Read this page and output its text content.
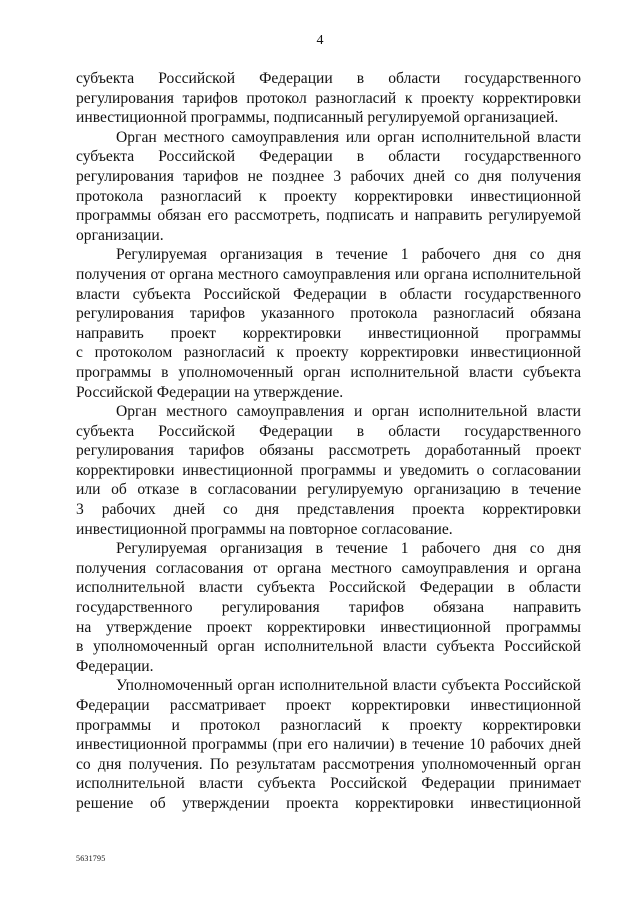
4
субъекта Российской Федерации в области государственного
регулирования тарифов протокол разногласий к проекту корректировки
инвестиционной программы, подписанный регулируемой организацией.
Орган местного самоуправления или орган исполнительной власти
субъекта Российской Федерации в области государственного
регулирования тарифов не позднее 3 рабочих дней со дня получения
протокола разногласий к проекту корректировки инвестиционной
программы обязан его рассмотреть, подписать и направить регулируемой
организации.
Регулируемая организация в течение 1 рабочего дня со дня
получения от органа местного самоуправления или органа исполнительной
власти субъекта Российской Федерации в области государственного
регулирования тарифов указанного протокола разногласий обязана
направить проект корректировки инвестиционной программы
с протоколом разногласий к проекту корректировки инвестиционной
программы в уполномоченный орган исполнительной власти субъекта
Российской Федерации на утверждение.
Орган местного самоуправления и орган исполнительной власти
субъекта Российской Федерации в области государственного
регулирования тарифов обязаны рассмотреть доработанный проект
корректировки инвестиционной программы и уведомить о согласовании
или об отказе в согласовании регулируемую организацию в течение
3 рабочих дней со дня представления проекта корректировки
инвестиционной программы на повторное согласование.
Регулируемая организация в течение 1 рабочего дня со дня
получения согласования от органа местного самоуправления и органа
исполнительной власти субъекта Российской Федерации в области
государственного регулирования тарифов обязана направить
на утверждение проект корректировки инвестиционной программы
в уполномоченный орган исполнительной власти субъекта Российской
Федерации.
Уполномоченный орган исполнительной власти субъекта Российской
Федерации рассматривает проект корректировки инвестиционной
программы и протокол разногласий к проекту корректировки
инвестиционной программы (при его наличии) в течение 10 рабочих дней
со дня получения. По результатам рассмотрения уполномоченный орган
исполнительной власти субъекта Российской Федерации принимает
решение об утверждении проекта корректировки инвестиционной
5631795
